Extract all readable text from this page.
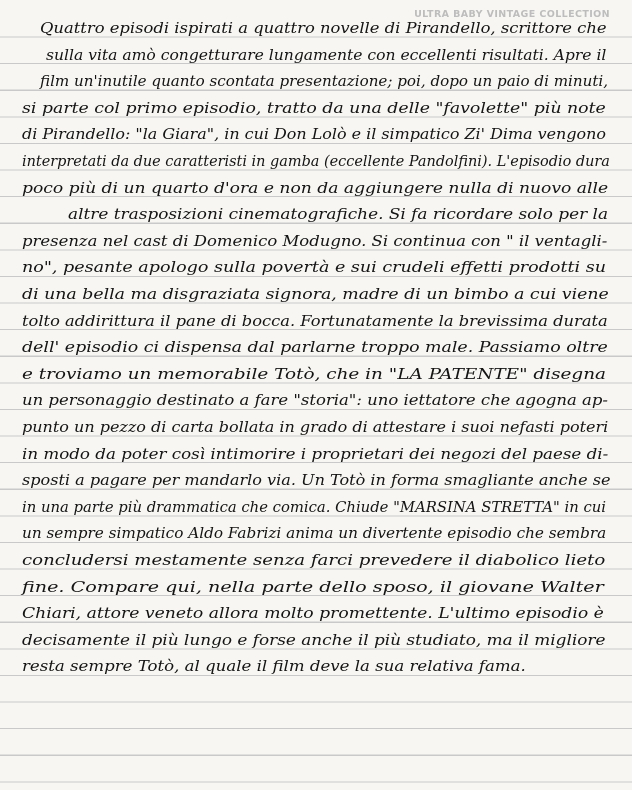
ULTRA BABY VINTAGE COLLECTION
Quattro episodi ispirati a quattro novelle di Pirandello, scrittore che
sulla vita amò congetturare lungamente con eccellenti risultati. Apre il
film un'inutile quanto scontata presentazione; poi, dopo un paio di minuti,
si parte col primo episodio, tratto da una delle "favolette" più note
di Pirandello: "la Giara", in cui Don Lolò e il simpatico Zi' Dima vengono
interpretati da due caratteristi in gamba (eccellente Pandolfini). L'episodio dura
poco più di un quarto d'ora e non da aggiungere nulla di nuovo alle
altre trasposizioni cinematografiche. Si fa ricordare solo per la
presenza nel cast di Domenico Modugno. Si continua con " il ventagli-
no", pesante apologo sulla povertà e sui crudeli effetti prodotti su
di una bella ma disgraziata signora, madre di un bimbo a cui viene
tolto addirittura il pane di bocca. Fortunatamente la brevissima durata
dell' episodio ci dispensa dal parlarne troppo male. Passiamo oltre
e troviamo un memorabile Totò, che in "LA PATENTE" disegna
un personaggio destinato a fare "storia": uno iettatore che agogna ap-
punto un pezzo di carta bollata in grado di attestare i suoi nefasti poteri
in modo da poter così intimorire i proprietari dei negozi del paese di-
sposti a pagare per mandarlo via. Un Totò in forma smagliante anche se
in una parte più drammatica che comica. Chiude "MARSINA STRETTA" in cui
un sempre simpatico Aldo Fabrizi anima un divertente episodio che sembra
concludersi mestamente senza farci prevedere il diabolico lieto
fine. Compare qui, nella parte dello sposo, il giovane Walter
Chiari, attore veneto allora molto promettente. L'ultimo episodio è
decisamente il più lungo e forse anche il più studiato, ma il migliore
resta sempre Totò, al quale il film deve la sua relativa fama.
